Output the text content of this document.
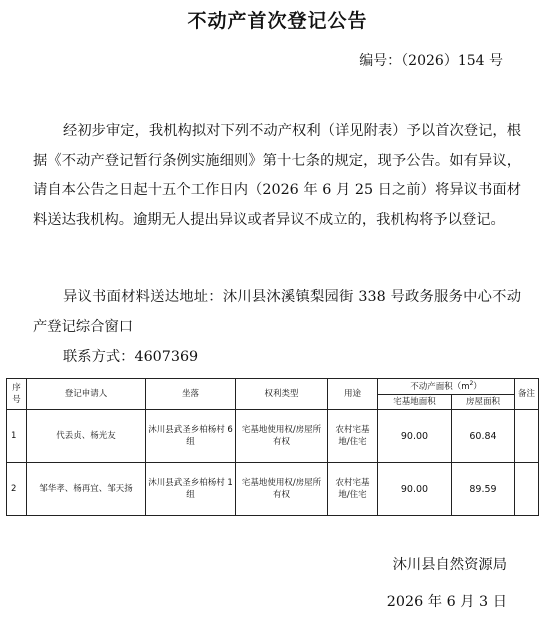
不动产首次登记公告
编号：（2026）154 号

经初步审定，我机构拟对下列不动产权利（详见附表）予以首次登记，根据《不动产登记暂行条例实施细则》第十七条的规定，现予公告。如有异议，请自本公告之日起十五个工作日内（2026 年 6 月 25 日之前）将异议书面材料送达我机构。逾期无人提出异议或者异议不成立的，我机构将予以登记。

异议书面材料送达地址：沐川县沐溪镇梨园街 338 号政务服务中心不动产登记综合窗口

联系方式：4607369
序号	登记申请人	坐落	权利类型	用途	不动产面积$(m^2)$		备注
					宅基地面积	房屋面积	
1	代丢贞、杨光友	沐川县武圣乡柏杨村 6 组	宅基地使用权/房屋所有权	农村宅基地/住宅	90.00	60.84	
2	邹华孝、杨再宜、邹天扬	沐川县武圣乡柏杨村 1 组	宅基地使用权/房屋所有权	农村宅基地/住宅	90.00	89.59	
沐川县自然资源局
2026 年 6 月 3 日
